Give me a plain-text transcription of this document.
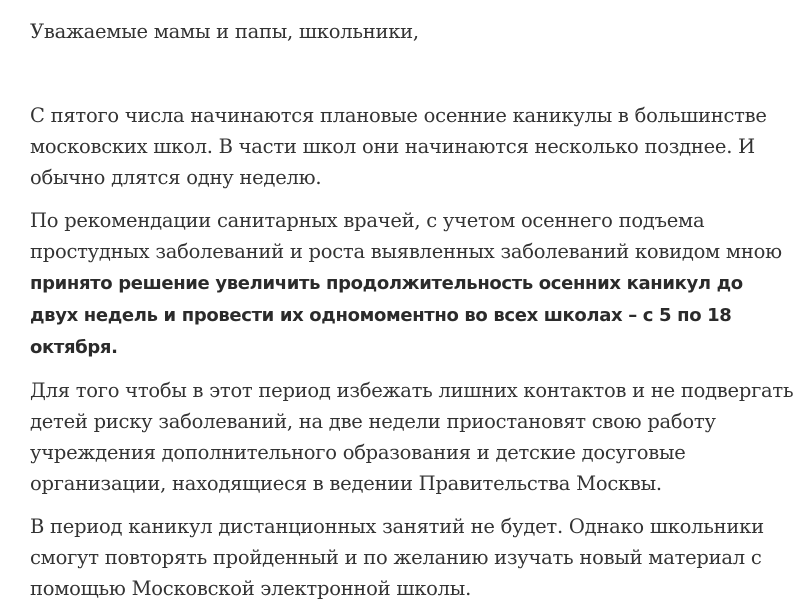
Уважаемые мамы и папы, школьники,

С пятого числа начинаются плановые осенние каникулы в большинстве московских школ. В части школ они начинаются несколько позднее. И обычно длятся одну неделю.

По рекомендации санитарных врачей, с учетом осеннего подъема простудных заболеваний и роста выявленных заболеваний ковидом мною принято решение увеличить продолжительность осенних каникул до двух недель и провести их одномоментно во всех школах – с 5 по 18 октября.

Для того чтобы в этот период избежать лишних контактов и не подвергать детей риску заболеваний, на две недели приостановят свою работу учреждения дополнительного образования и детские досуговые организации, находящиеся в ведении Правительства Москвы.

В период каникул дистанционных занятий не будет. Однако школьники смогут повторять пройденный и по желанию изучать новый материал с помощью Московской электронной школы.
